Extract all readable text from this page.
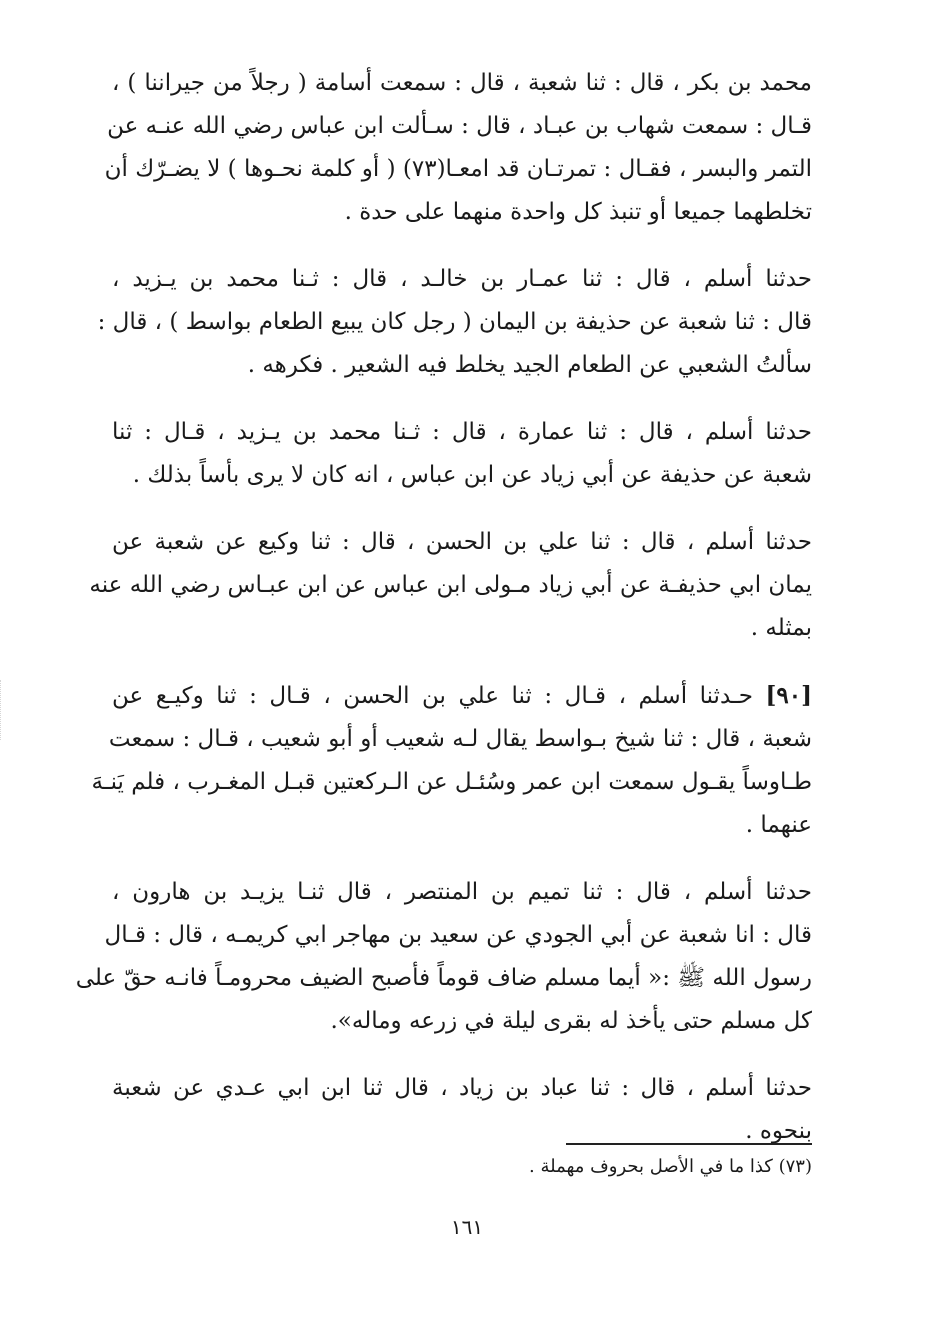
محمد بن بكر ، قال : ثنا شعبة ، قال : سمعت أسامة ( رجلاً من جيراننا ) ،
قـال : سمعت شهاب بن عبـاد ، قال : سـألت ابن عباس رضي الله عنـه عن
التمر والبسر ، فقـال : تمرتـان قد امعـا(٧٣) ( أو كلمة نحـوها ) لا يضـرّك أن
تخلطهما جميعا أو تنبذ كل واحدة منهما على حدة .
حدثنا أسلم ، قال : ثنا عمـار بن خالـد ، قال : ثـنا محمد بن يـزيد ،
قال : ثنا شعبة عن حذيفة بن اليمان ( رجل كان يبيع الطعام بواسط ) ، قال :
سألتُ الشعبي عن الطعام الجيد يخلط فيه الشعير . فكرهه .
حدثنا أسلم ، قال : ثنا عمارة ، قال : ثـنا محمد بن يـزيد ، قـال : ثنا
شعبة عن حذيفة عن أبي زياد عن ابن عباس ، انه كان لا يرى بأساً بذلك .
حدثنا أسلم ، قال : ثنا علي بن الحسن ، قال : ثنا وكيع عن شعبة عن
يمان ابي حذيفـة عن أبي زياد مـولى ابن عباس عن ابن عبـاس رضي الله عنه
بمثله .
[٩٠] حـدثنا أسلم ، قـال : ثنا علي بن الحسن ، قـال : ثنا وكيـع عن
شعبة ، قال : ثنا شيخ بـواسط يقال لـه شعيب أو أبو شعيب ، قـال : سمعت
طـاوساً يقـول سمعت ابن عمر وسُئـل عن الـركعتين قبـل المغـرب ، فلم يَنـهَ
عنهما .
حدثنا أسلم ، قال : ثنا تميم بن المنتصر ، قال ثنـا يزيـد بن هارون ،
قال : انا شعبة عن أبي الجودي عن سعيد بن مهاجر ابي كريمـه ، قال : قـال
رسول الله ﷺ :« أيما مسلم ضاف قوماً فأصبح الضيف محرومـاً فانـه حقّ على
كل مسلم حتى يأخذ له بقرى ليلة في زرعه وماله».
حدثنا أسلم ، قال : ثنا عباد بن زياد ، قال ثنا ابن ابي عـدي عن شعبة
بنحوه .
(٧٣) كذا ما في الأصل بحروف مهملة .
١٦١
